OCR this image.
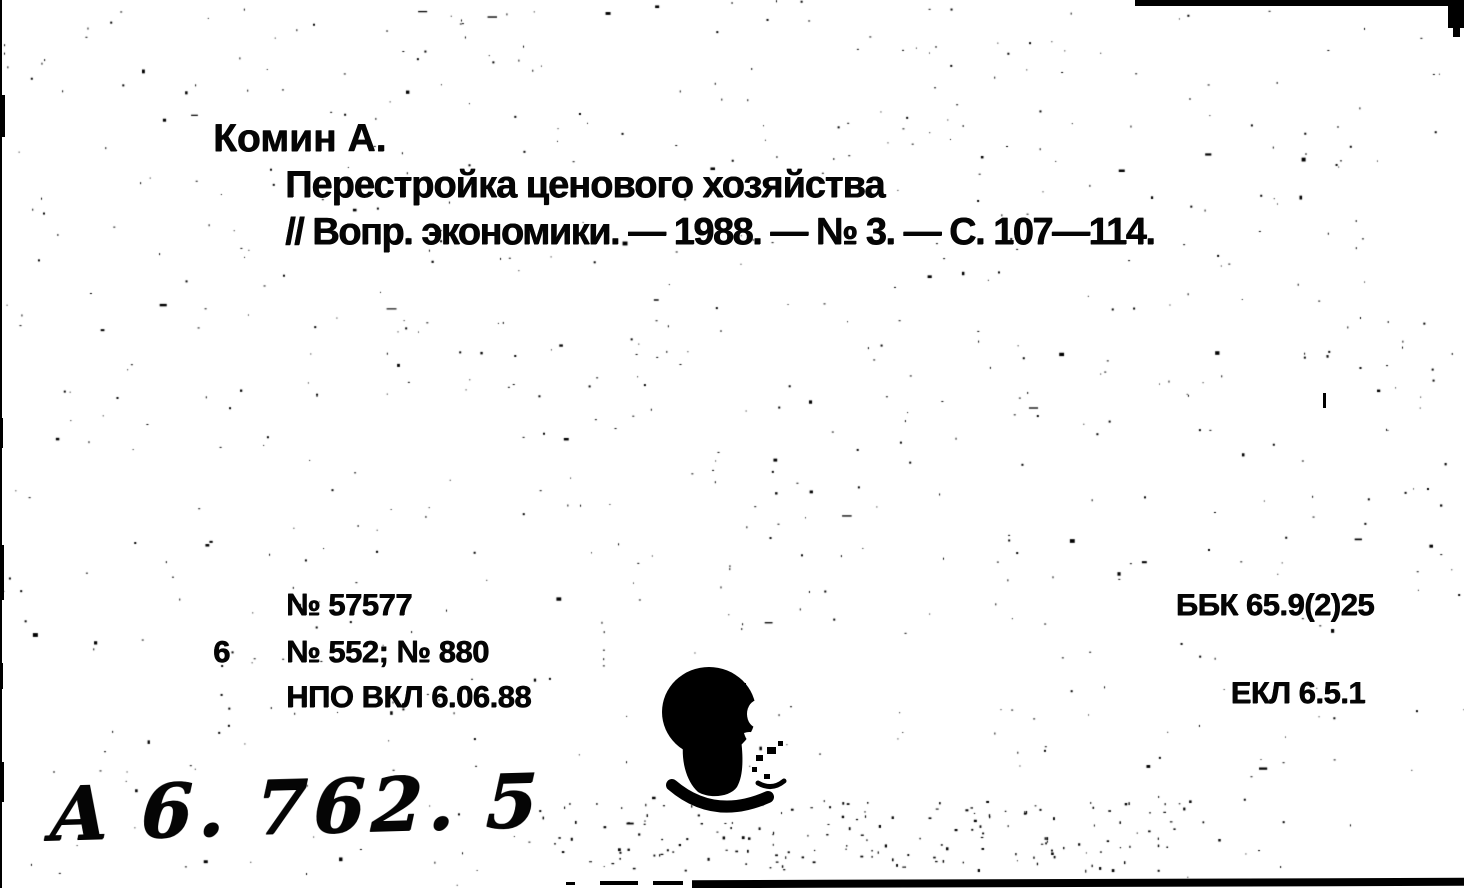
Комин А.
Перестройка ценового хозяйства
// Вопр. экономики. — 1988. — № 3. — С. 107—114.
№ 57577
6 № 552; № 880
НПО ВКЛ 6.06.88
ББК 65.9(2)25
ЕКЛ 6.5.1
А 6. 762. 5
